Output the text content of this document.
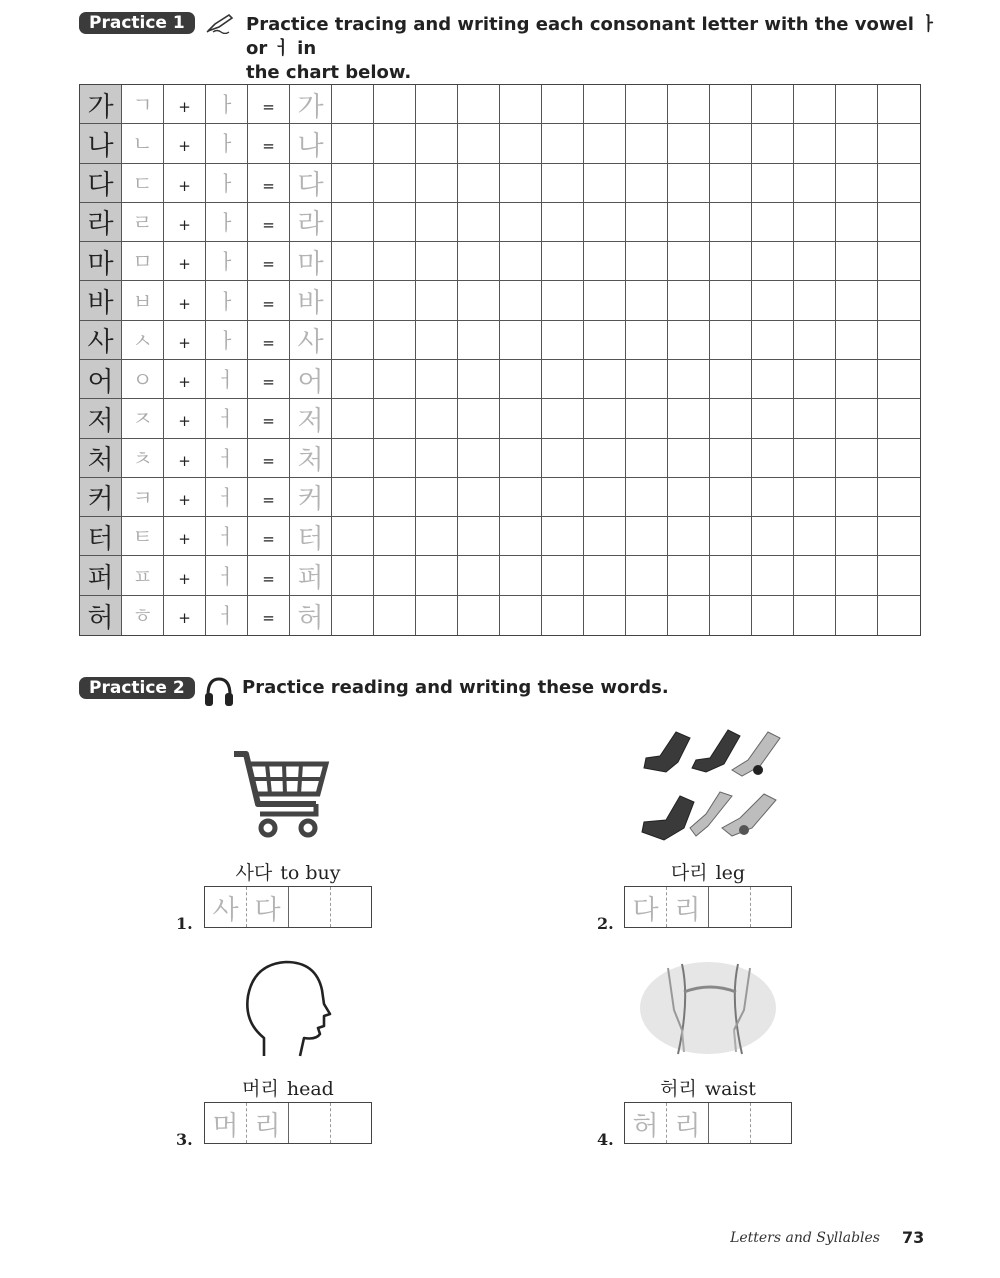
Practice 1	Practice tracing and writing each consonant letter with the vowel ㅏ or ㅓ in
the chart below.
가 ㄱ	+	ㅏ	= 가
나 ㄴ	+	ㅏ	= 나
다 ㄷ	+	ㅏ	= 다
라 ㄹ	+	ㅏ	= 라
마 ㅁ	+	ㅏ	= 마
바 ㅂ	+	ㅏ	= 바
사 ㅅ	+	ㅏ	= 사
어 ㅇ	+	ㅓ	= 어
저 ㅈ	+	ㅓ	= 저
처 ㅊ	+	ㅓ	= 처
커 ㅋ	+	ㅓ	= 커
터 ㅌ	+	ㅓ	= 터
퍼 ㅍ	+	ㅓ	= 퍼
허 ㅎ	+	ㅓ	= 허
Practice 2	Practice reading and writing these words.
사다 to buy
1. 사 다
다리 leg
2. 다 리
머리 head
3. 머 리
허리 waist
4. 허 리
Letters and Syllables 73
